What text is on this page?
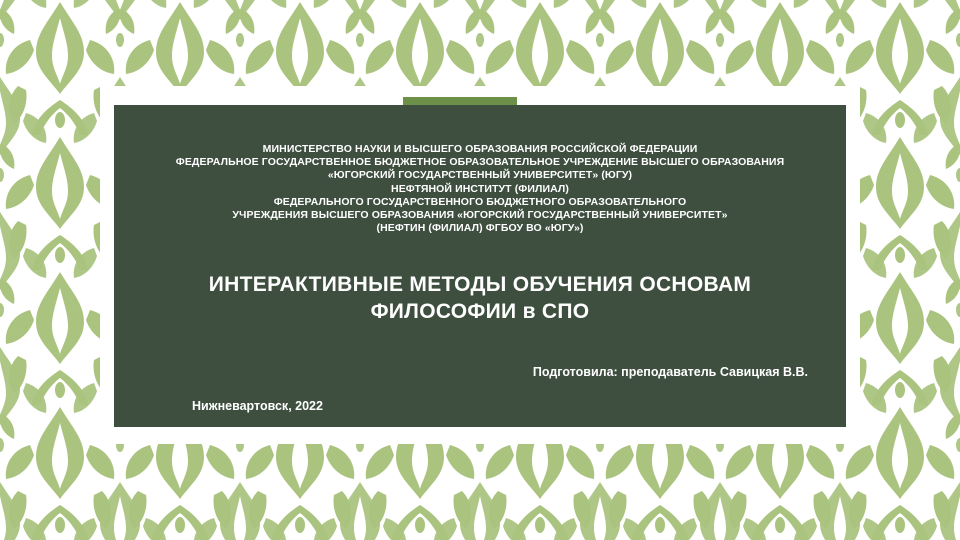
МИНИСТЕРСТВО НАУКИ И ВЫСШЕГО ОБРАЗОВАНИЯ РОССИЙСКОЙ ФЕДЕРАЦИИ
ФЕДЕРАЛЬНОЕ ГОСУДАРСТВЕННОЕ БЮДЖЕТНОЕ ОБРАЗОВАТЕЛЬНОЕ УЧРЕЖДЕНИЕ ВЫСШЕГО ОБРАЗОВАНИЯ
«ЮГОРСКИЙ ГОСУДАРСТВЕННЫЙ УНИВЕРСИТЕТ» (ЮГУ)
НЕФТЯНОЙ ИНСТИТУТ (ФИЛИАЛ)
ФЕДЕРАЛЬНОГО ГОСУДАРСТВЕННОГО БЮДЖЕТНОГО ОБРАЗОВАТЕЛЬНОГО
УЧРЕЖДЕНИЯ ВЫСШЕГО ОБРАЗОВАНИЯ «ЮГОРСКИЙ ГОСУДАРСТВЕННЫЙ УНИВЕРСИТЕТ»
(НЕФТИН (ФИЛИАЛ) ФГБОУ ВО «ЮГУ»)
ИНТЕРАКТИВНЫЕ МЕТОДЫ ОБУЧЕНИЯ ОСНОВАМ ФИЛОСОФИИ в СПО
Подготовила: преподаватель Савицкая В.В.
Нижневартовск, 2022
